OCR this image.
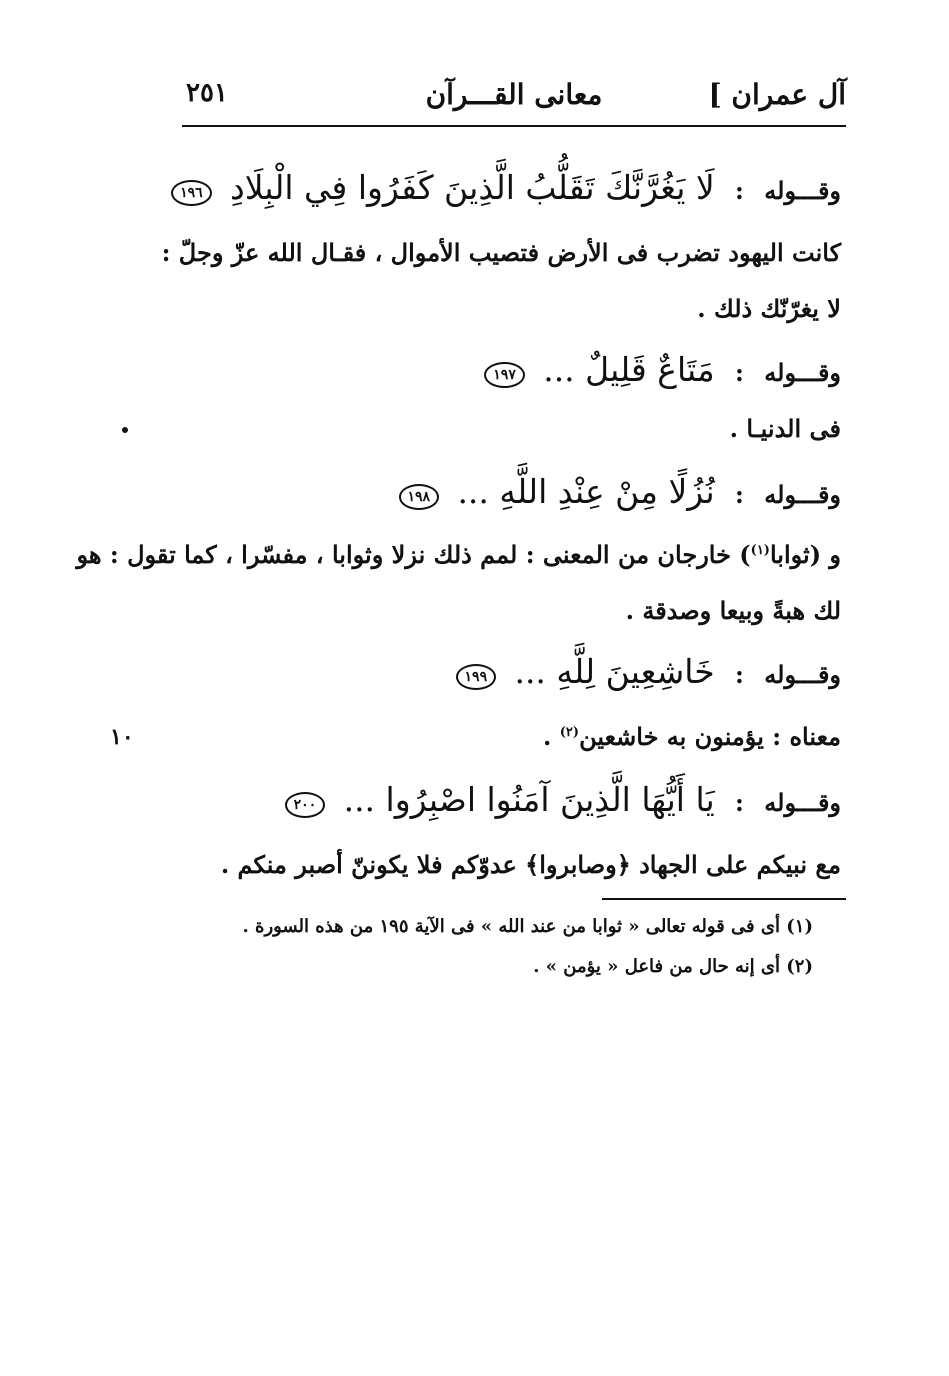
آل عمران ]
معانى القـــرآن
٢٥١
وقـــوله : لَا يَغُرَّنَّكَ تَقَلُّبُ الَّذِينَ كَفَرُوا فِي الْبِلَادِ ١٩٦
كانت اليهود تضرب فى الأرض فتصيب الأموال ، فقـال الله عزّ وجلّ :
لا يغرّنّك ذلك .
وقـــوله : مَتَاعٌ قَلِيلٌ ... ١٩٧
فى الدنيـا .
وقـــوله : نُزُلًا مِنْ عِنْدِ اللَّهِ ... ١٩٨
و (ثوابا$^{(١)}$) خارجان من المعنى : لمم ذلك نزلا وثوابا ، مفسّرا ، كما تقول : هو
لك هبةً وبيعا وصدقة .
وقـــوله : خَاشِعِينَ لِلَّهِ ... ١٩٩
معناه : يؤمنون به خاشعين$^{(٢)}$ .
وقـــوله : يَا أَيُّهَا الَّذِينَ آمَنُوا اصْبِرُوا ... ٢٠٠
مع نبيكم على الجهاد ﴿وصابروا﴾ عدوّكم فلا يكوننّ أصبر منكم .
١٠
(١) أى فى قوله تعالى « ثوابا من عند الله » فى الآية ١٩٥ من هذه السورة .
(٢) أى إنه حال من فاعل « يؤمن » .
